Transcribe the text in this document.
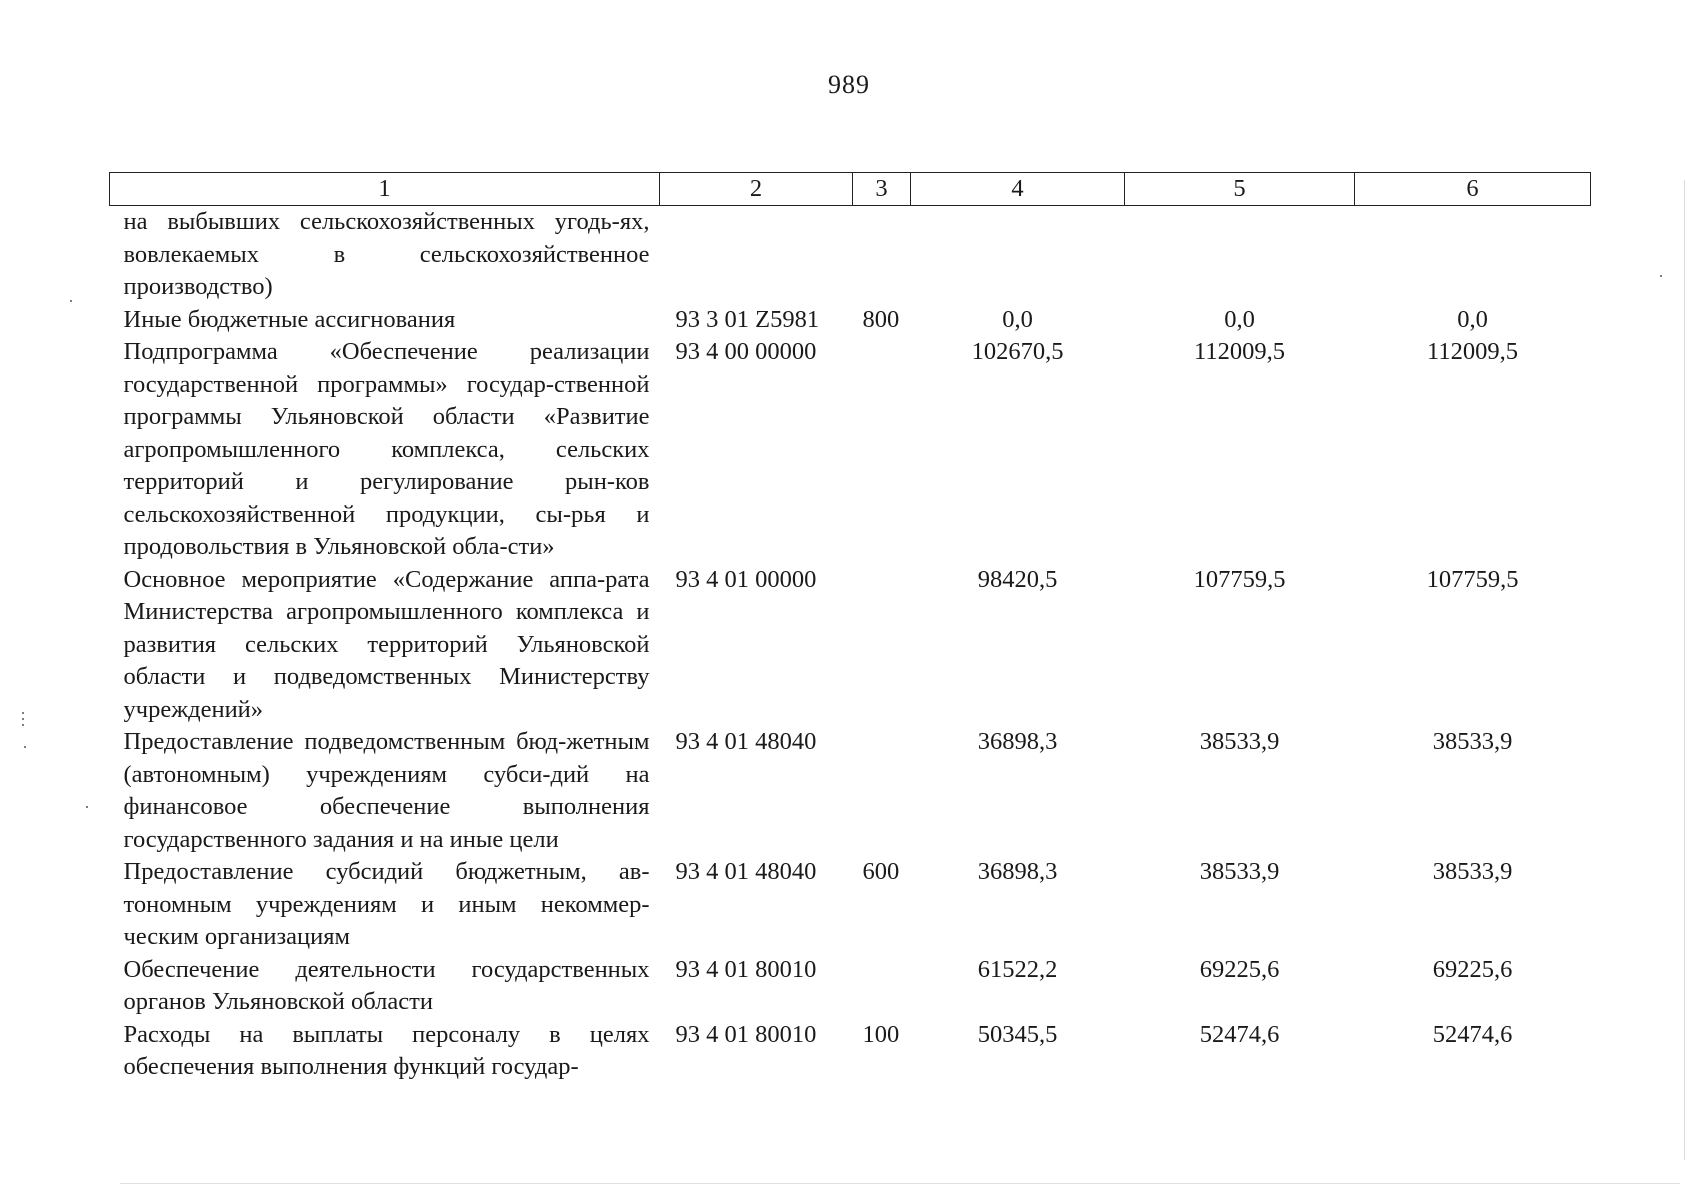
989
1	2	3	4	5	6
на выбывших сельскохозяйственных угодь-ях, вовлекаемых в сельскохозяйственное производство)					
Иные бюджетные ассигнования	93 3 01 Z5981	800	0,0	0,0	0,0
Подпрограмма «Обеспечение реализации государственной программы» государ-ственной программы Ульяновской области «Развитие агропромышленного комплекса, сельских территорий и регулирование рын-ков сельскохозяйственной продукции, сы-рья и продовольствия в Ульяновской обла-сти»	93 4 00 00000		102670,5	112009,5	112009,5
Основное мероприятие «Содержание аппа-рата Министерства агропромышленного комплекса и развития сельских территорий Ульяновской области и подведомственных Министерству учреждений»	93 4 01 00000		98420,5	107759,5	107759,5
Предоставление подведомственным бюд-жетным (автономным) учреждениям субси-дий на финансовое обеспечение выполнения государственного задания и на иные цели	93 4 01 48040		36898,3	38533,9	38533,9
Предоставление субсидий бюджетным, ав-тономным учреждениям и иным некоммер-ческим организациям	93 4 01 48040	600	36898,3	38533,9	38533,9
Обеспечение деятельности государственных органов Ульяновской области	93 4 01 80010		61522,2	69225,6	69225,6
Расходы на выплаты персоналу в целях обеспечения выполнения функций государ-	93 4 01 80010	100	50345,5	52474,6	52474,6
